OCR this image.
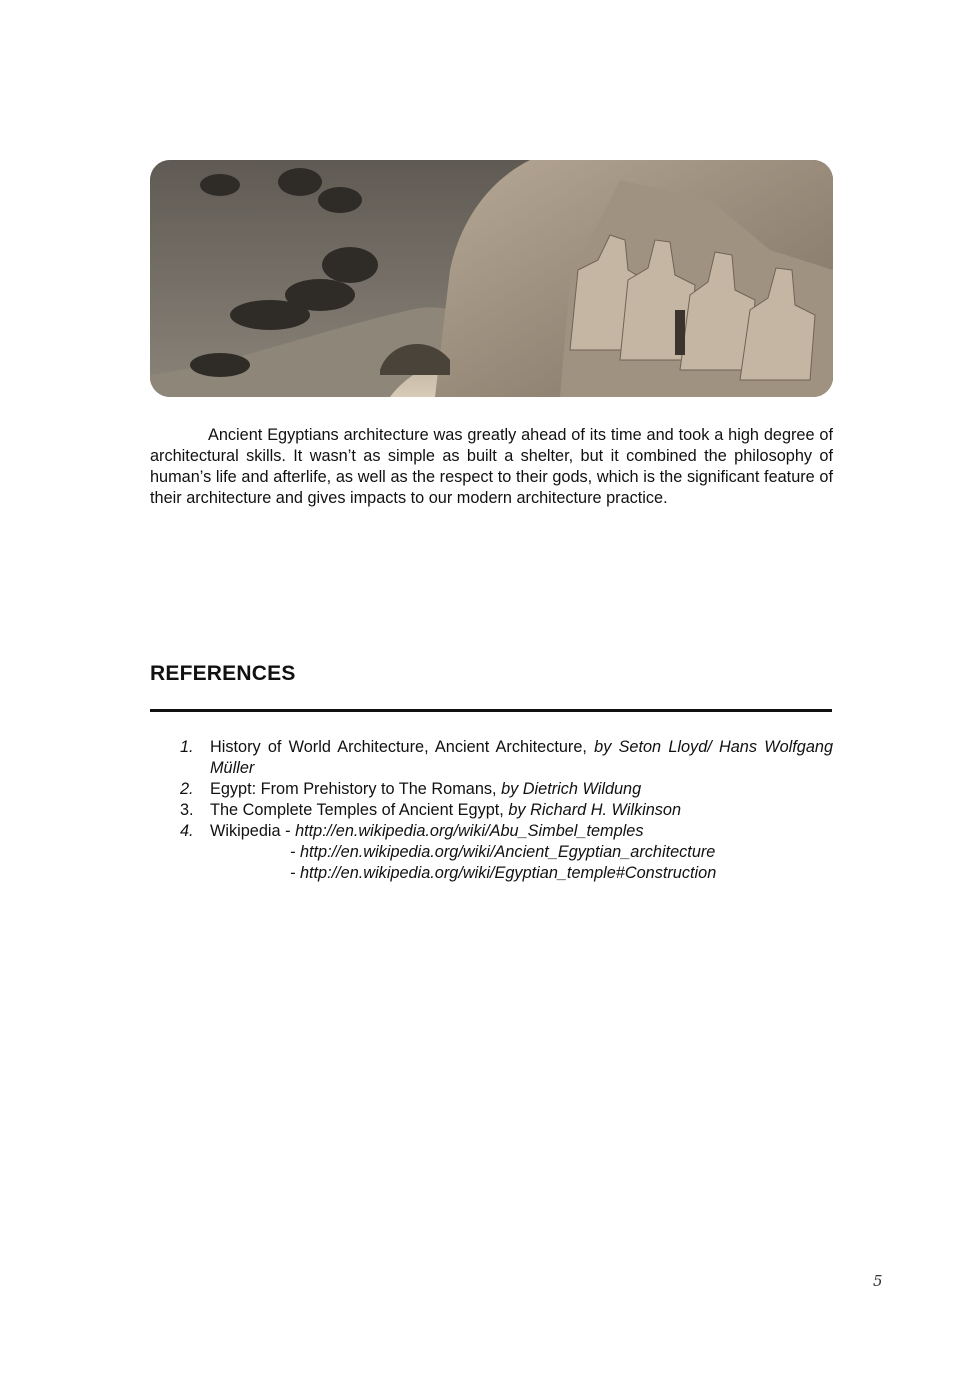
Ancient Egyptians architecture was greatly ahead of its time and took a high degree of architectural skills. It wasn’t as simple as built a shelter, but it combined the philosophy of human’s life and afterlife, as well as the respect to their gods, which is the significant feature of their architecture and gives impacts to our modern architecture practice.

REFERENCES
1. History of World Architecture, Ancient Architecture, by Seton Lloyd/ Hans Wolfgang Müller
2. Egypt: From Prehistory to The Romans, by Dietrich Wildung
3. The Complete Temples of Ancient Egypt, by Richard H. Wilkinson
4. Wikipedia - http://en.wikipedia.org/wiki/Abu_Simbel_temples
- http://en.wikipedia.org/wiki/Ancient_Egyptian_architecture
- http://en.wikipedia.org/wiki/Egyptian_temple#Construction
5
